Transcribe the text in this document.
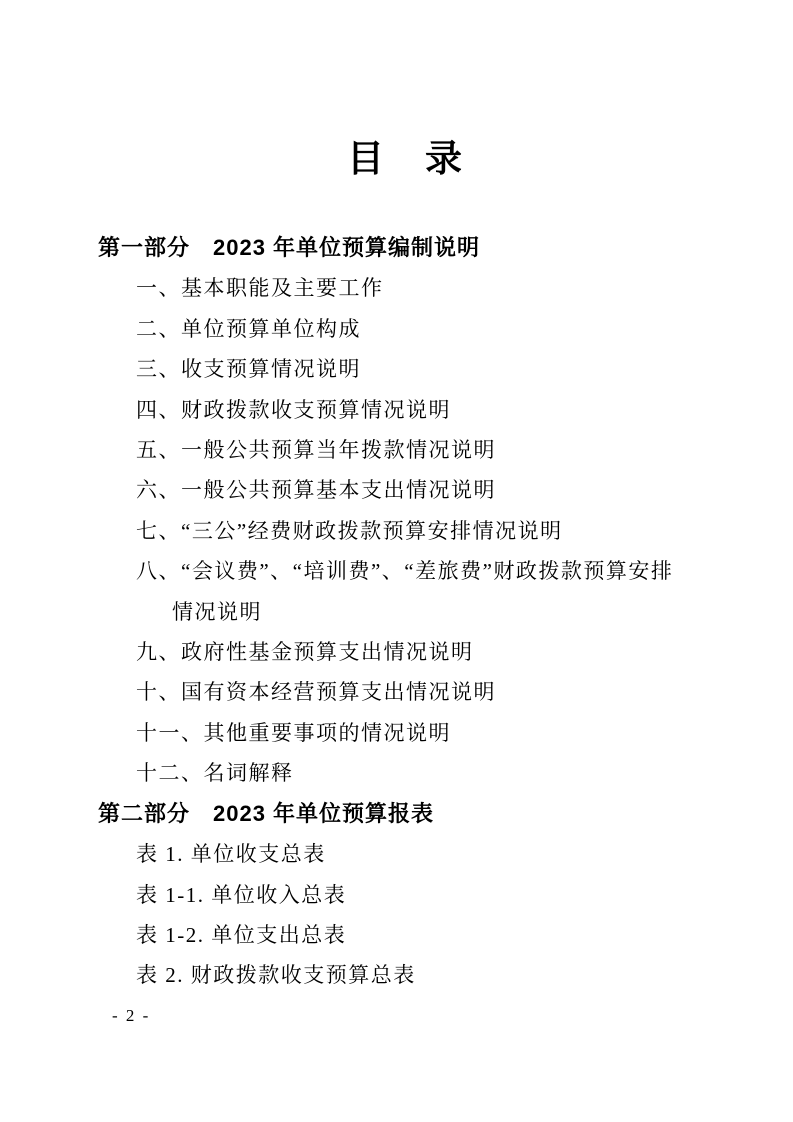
目　录

第一部分　2023 年单位预算编制说明

一、基本职能及主要工作

二、单位预算单位构成

三、收支预算情况说明

四、财政拨款收支预算情况说明

五、一般公共预算当年拨款情况说明

六、一般公共预算基本支出情况说明

七、“三公”经费财政拨款预算安排情况说明

八、“会议费”、“培训费”、“差旅费”财政拨款预算安排情况说明

九、政府性基金预算支出情况说明

十、国有资本经营预算支出情况说明

十一、其他重要事项的情况说明

十二、名词解释

第二部分　2023 年单位预算报表

表 1. 单位收支总表

表 1-1. 单位收入总表

表 1-2. 单位支出总表

表 2. 财政拨款收支预算总表

- 2 -
